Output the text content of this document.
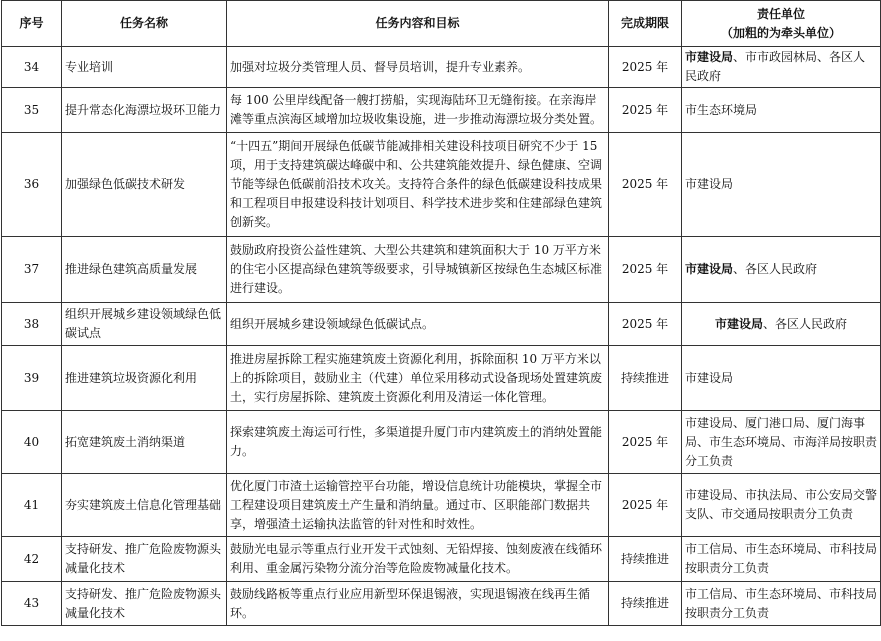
序号	任务名称	任务内容和目标	完成期限	责任单位
（加粗的为牵头单位）

34	专业培训	加强对垃圾分类管理人员、督导员培训，提升专业素养。	2025 年	市建设局、市市政园林局、各区人民政府
35	提升常态化海漂垃圾环卫能力	每 100 公里岸线配备一艘打捞船，实现海陆环卫无缝衔接。在亲海岸滩等重点滨海区域增加垃圾收集设施，进一步推动海漂垃圾分类处置。	2025 年	市生态环境局
36	加强绿色低碳技术研发	“十四五”期间开展绿色低碳节能减排相关建设科技项目研究不少于 15 项，用于支持建筑碳达峰碳中和、公共建筑能效提升、绿色健康、空调节能等绿色低碳前沿技术攻关。支持符合条件的绿色低碳建设科技成果和工程项目申报建设科技计划项目、科学技术进步奖和住建部绿色建筑创新奖。	2025 年	市建设局
37	推进绿色建筑高质量发展	鼓励政府投资公益性建筑、大型公共建筑和建筑面积大于 10 万平方米的住宅小区提高绿色建筑等级要求，引导城镇新区按绿色生态城区标准进行建设。	2025 年	市建设局、各区人民政府
38	组织开展城乡建设领域绿色低碳试点	组织开展城乡建设领域绿色低碳试点。	2025 年	市建设局、各区人民政府
39	推进建筑垃圾资源化利用	推进房屋拆除工程实施建筑废土资源化利用，拆除面积 10 万平方米以上的拆除项目，鼓励业主（代建）单位采用移动式设备现场处置建筑废土，实行房屋拆除、建筑废土资源化利用及清运一体化管理。	持续推进	市建设局
40	拓宽建筑废土消纳渠道	探索建筑废土海运可行性，多渠道提升厦门市内建筑废土的消纳处置能力。	2025 年	市建设局、厦门港口局、厦门海事局、市生态环境局、市海洋局按职责分工负责
41	夯实建筑废土信息化管理基础	优化厦门市渣土运输管控平台功能，增设信息统计功能模块，掌握全市工程建设项目建筑废土产生量和消纳量。通过市、区职能部门数据共享，增强渣土运输执法监管的针对性和时效性。	2025 年	市建设局、市执法局、市公安局交警支队、市交通局按职责分工负责
42	支持研发、推广危险废物源头减量化技术	鼓励光电显示等重点行业开发干式蚀刻、无铅焊接、蚀刻废液在线循环利用、重金属污染物分流分治等危险废物减量化技术。	持续推进	市工信局、市生态环境局、市科技局按职责分工负责
43	支持研发、推广危险废物源头减量化技术	鼓励线路板等重点行业应用新型环保退锡液，实现退锡液在线再生循环。	持续推进	市工信局、市生态环境局、市科技局按职责分工负责
